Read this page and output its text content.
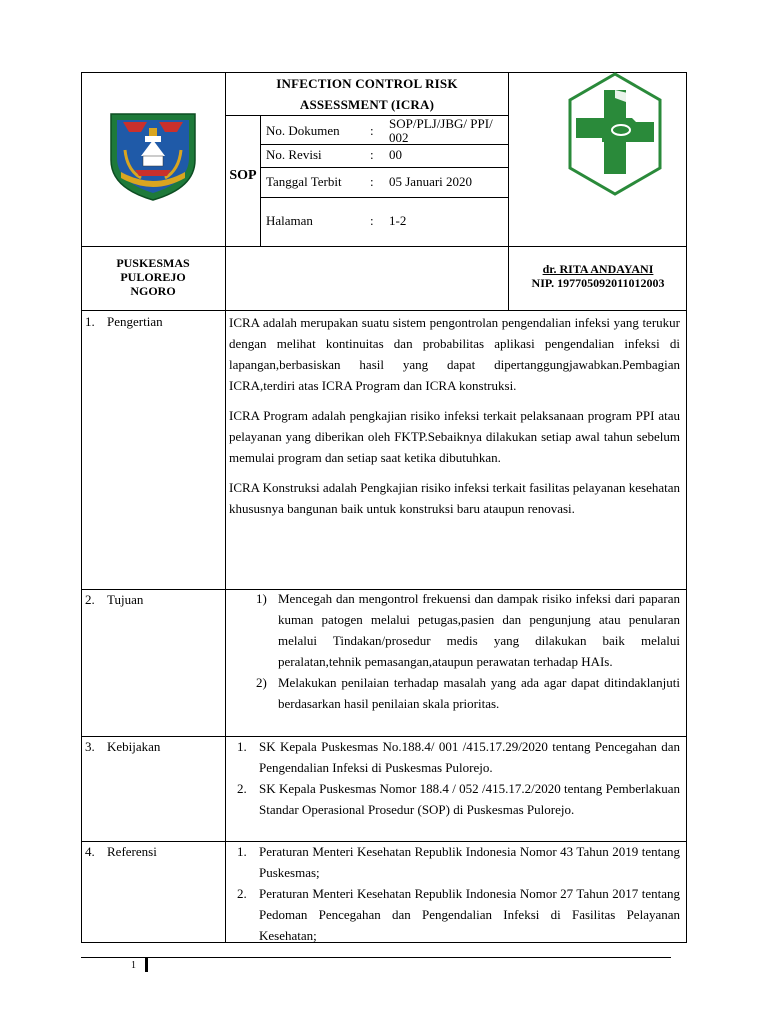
INFECTION CONTROL RISK
ASSESSMENT (ICRA)
SOP
No. Dokumen : SOP/PLJ/JBG/ PPI/ 002
No. Revisi	: 00
Tanggal Terbit : 05 Januari 2020
Halaman	: 1-2
PUSKESMAS
PULOREJO
NGORO
dr. RITA ANDAYANI
NIP. 197705092011012003
1. Pengertian	ICRA adalah merupakan suatu sistem pengontrolan pengendalian infeksi yang terukur dengan melihat kontinuitas dan probabilitas aplikasi pengendalian infeksi di lapangan,berbasiskan hasil yang dapat dipertanggungjawabkan.Pembagian ICRA,terdiri atas ICRA Program dan ICRA konstruksi.

ICRA Program adalah pengkajian risiko infeksi terkait pelaksanaan program PPI atau pelayanan yang diberikan oleh FKTP.Sebaiknya dilakukan setiap awal tahun sebelum memulai program dan setiap saat ketika dibutuhkan.

ICRA Konstruksi adalah Pengkajian risiko infeksi terkait fasilitas pelayanan kesehatan khususnya bangunan baik untuk konstruksi baru ataupun renovasi.

2. Tujuan	1) Mencegah dan mengontrol frekuensi dan dampak risiko infeksi dari paparan kuman patogen melalui petugas,pasien dan pengunjung atau penularan melalui Tindakan/prosedur medis yang dilakukan baik melalui peralatan,tehnik pemasangan,ataupun perawatan terhadap HAIs.
2) Melakukan penilaian terhadap masalah yang ada agar dapat ditindaklanjuti berdasarkan hasil penilaian skala prioritas.
3. Kebijakan	1. SK Kepala Puskesmas No.188.4/ 001 /415.17.29/2020 tentang Pencegahan dan Pengendalian Infeksi di Puskesmas Pulorejo.
2. SK Kepala Puskesmas Nomor 188.4 / 052 /415.17.2/2020 tentang Pemberlakuan Standar Operasional Prosedur (SOP) di Puskesmas Pulorejo.
4. Referensi	1. Peraturan Menteri Kesehatan Republik Indonesia Nomor 43 Tahun 2019 tentang Puskesmas;
2. Peraturan Menteri Kesehatan Republik Indonesia Nomor 27 Tahun 2017 tentang Pedoman Pencegahan dan Pengendalian Infeksi di Fasilitas Pelayanan Kesehatan;
1
